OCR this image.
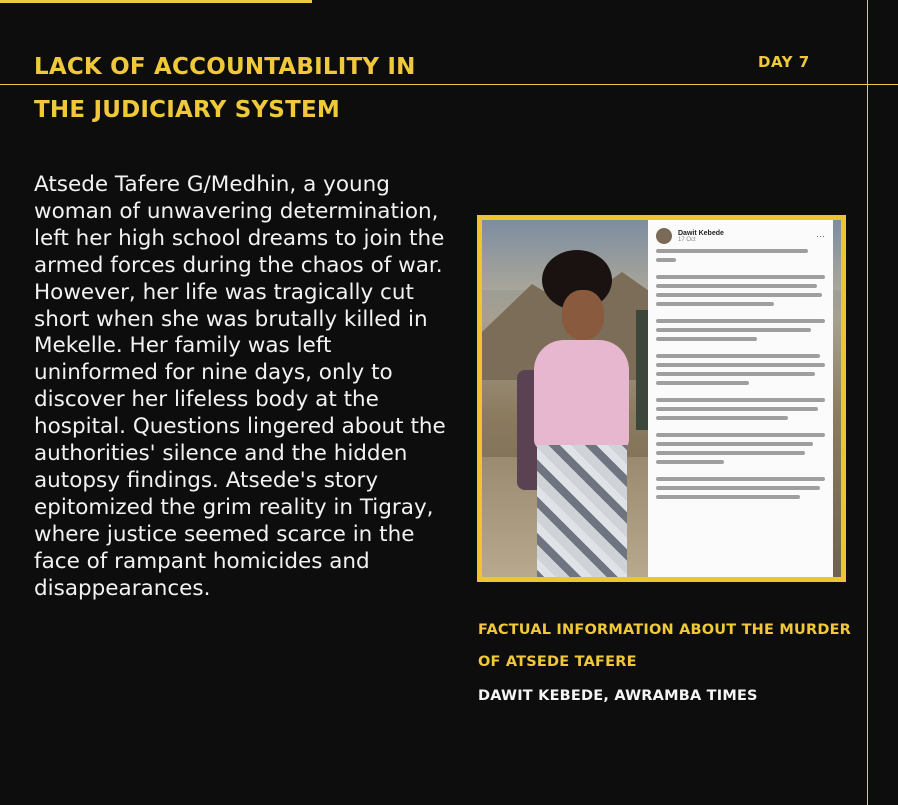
LACK OF ACCOUNTABILITY IN
THE JUDICIARY SYSTEM
DAY 7

Atsede Tafere G/Medhin, a young woman of unwavering determination, left her high school dreams to join the armed forces during the chaos of war. However, her life was tragically cut short when she was brutally killed in Mekelle. Her family was left uninformed for nine days, only to discover her lifeless body at the hospital. Questions lingered about the authorities' silence and the hidden autopsy findings. Atsede's story epitomized the grim reality in Tigray, where justice seemed scarce in the face of rampant homicides and disappearances.

Dawit Kebede
17 Oct	···
FACTUAL INFORMATION ABOUT THE MURDER
OF ATSEDE TAFERE
DAWIT KEBEDE, AWRAMBA TIMES
